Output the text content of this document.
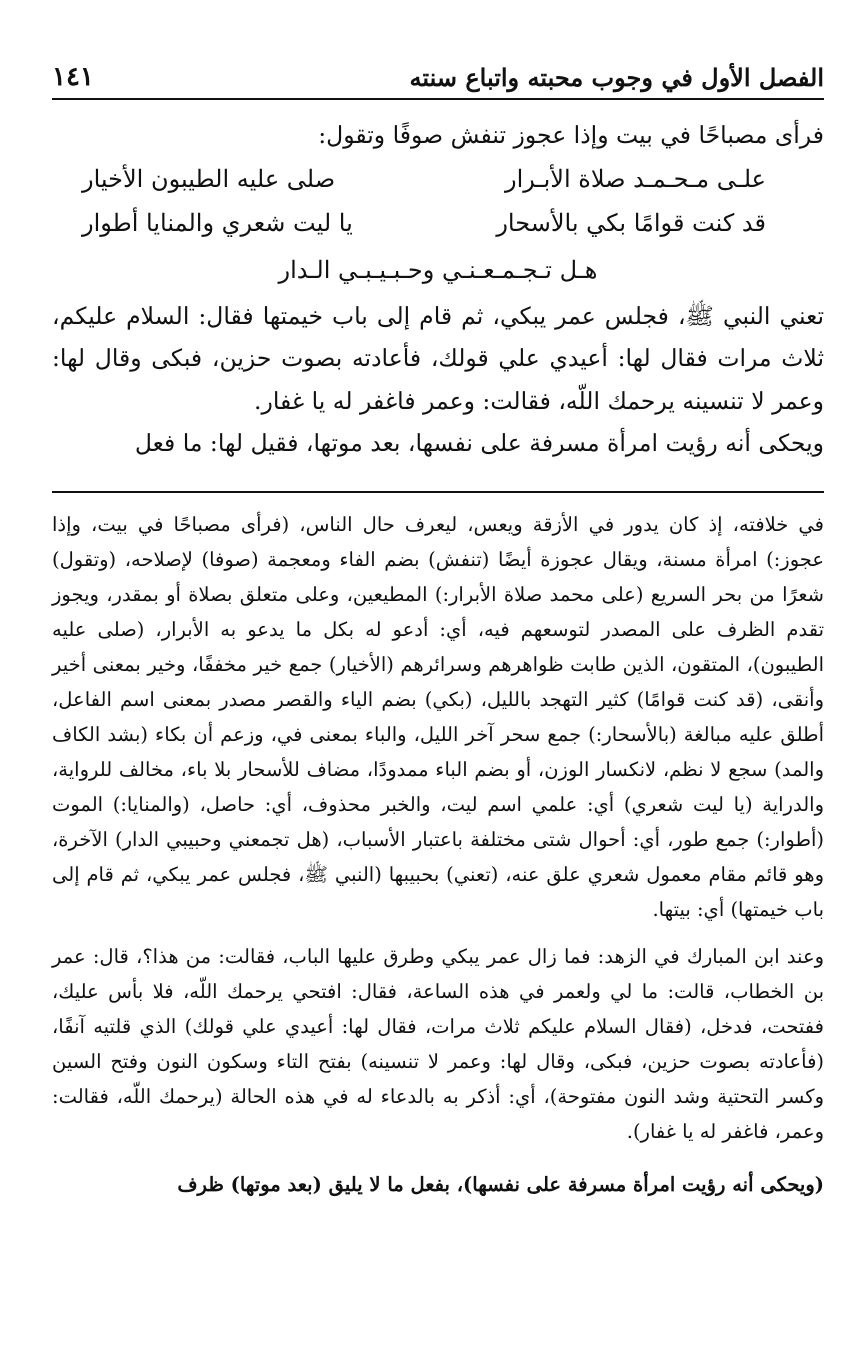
الفصل الأول في وجوب محبته واتباع سنته
١٤١

فرأى مصباحًا في بيت وإذا عجوز تنفش صوفًا وتقول:

علـى مـحـمـد صلاة الأبـرار
صلى عليه الطيبون الأخيار
قد كنت قوامًا بكي بالأسحار
يا ليت شعري والمنايا أطوار
هـل تـجـمـعـنـي وحـبـيـبـي الـدار

تعني النبي ﷺ، فجلس عمر يبكي، ثم قام إلى باب خيمتها فقال: السلام عليكم، ثلاث مرات فقال لها: أعيدي علي قولك، فأعادته بصوت حزين، فبكى وقال لها: وعمر لا تنسينه يرحمك اللّه، فقالت: وعمر فاغفر له يا غفار.

ويحكى أنه رؤيت امرأة مسرفة على نفسها، بعد موتها، فقيل لها: ما فعل

في خلافته، إذ كان يدور في الأزقة ويعس، ليعرف حال الناس، (فرأى مصباحًا في بيت، وإذا عجوز:) امرأة مسنة، ويقال عجوزة أيضًا (تنفش) بضم الفاء ومعجمة (صوفا) لإصلاحه، (وتقول) شعرًا من بحر السريع (على محمد صلاة الأبرار:) المطيعين، وعلى متعلق بصلاة أو بمقدر، ويجوز تقدم الظرف على المصدر لتوسعهم فيه، أي: أدعو له بكل ما يدعو به الأبرار، (صلى عليه الطيبون)، المتقون، الذين طابت ظواهرهم وسرائرهم (الأخيار) جمع خير مخففًا، وخير بمعنى أخير وأنقى، (قد كنت قوامًا) كثير التهجد بالليل، (بكي) بضم الياء والقصر مصدر بمعنى اسم الفاعل، أطلق عليه مبالغة (بالأسحار:) جمع سحر آخر الليل، والباء بمعنى في، وزعم أن بكاء (بشد الكاف والمد) سجع لا نظم، لانكسار الوزن، أو بضم الباء ممدودًا، مضاف للأسحار بلا باء، مخالف للرواية، والدراية (يا ليت شعري) أي: علمي اسم ليت، والخبر محذوف، أي: حاصل، (والمنايا:) الموت (أطوار:) جمع طور، أي: أحوال شتى مختلفة باعتبار الأسباب، (هل تجمعني وحبيبي الدار) الآخرة، وهو قائم مقام معمول شعري علق عنه، (تعني) بحبيبها (النبي ﷺ، فجلس عمر يبكي، ثم قام إلى باب خيمتها) أي: بيتها.

وعند ابن المبارك في الزهد: فما زال عمر يبكي وطرق عليها الباب، فقالت: من هذا؟، قال: عمر بن الخطاب، قالت: ما لي ولعمر في هذه الساعة، فقال: افتحي يرحمك اللّه، فلا بأس عليك، ففتحت، فدخل، (فقال السلام عليكم ثلاث مرات، فقال لها: أعيدي علي قولك) الذي قلتيه آنفًا، (فأعادته بصوت حزين، فبكى، وقال لها: وعمر لا تنسينه) بفتح التاء وسكون النون وفتح السين وكسر التحتية وشد النون مفتوحة)، أي: أذكر به بالدعاء له في هذه الحالة (يرحمك اللّه، فقالت: وعمر، فاغفر له يا غفار).

(ويحكى أنه رؤيت امرأة مسرفة على نفسها)، بفعل ما لا يليق (بعد موتها) ظرف
